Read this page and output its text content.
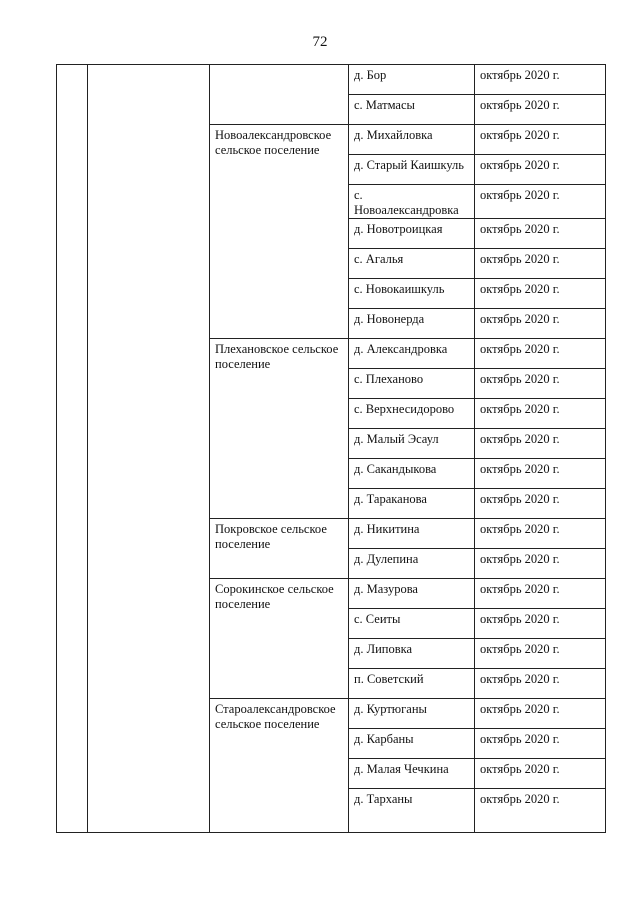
72
			д. Бор	октябрь 2020 г.
			с. Матмасы	октябрь 2020 г.
		Новоалександровское сельское поселение	д. Михайловка	октябрь 2020 г.
			д. Старый Каишкуль	октябрь 2020 г.
			с. Новоалександровка	октябрь 2020 г.
			д. Новотроицкая	октябрь 2020 г.
			с. Агалья	октябрь 2020 г.
			с. Новокаишкуль	октябрь 2020 г.
			д. Новонерда	октябрь 2020 г.
		Плехановское сельское поселение	д. Александровка	октябрь 2020 г.
			с. Плеханово	октябрь 2020 г.
			с. Верхнесидорово	октябрь 2020 г.
			д. Малый Эсаул	октябрь 2020 г.
			д. Сакандыкова	октябрь 2020 г.
			д. Тараканова	октябрь 2020 г.
		Покровское сельское поселение	д. Никитина	октябрь 2020 г.
			д. Дулепина	октябрь 2020 г.
		Сорокинское сельское поселение	д. Мазурова	октябрь 2020 г.
			с. Сеиты	октябрь 2020 г.
			д. Липовка	октябрь 2020 г.
			п. Советский	октябрь 2020 г.
		Староалександровское сельское поселение	д. Куртюганы	октябрь 2020 г.
			д. Карбаны	октябрь 2020 г.
			д. Малая Чечкина	октябрь 2020 г.
			д. Тарханы	октябрь 2020 г.
